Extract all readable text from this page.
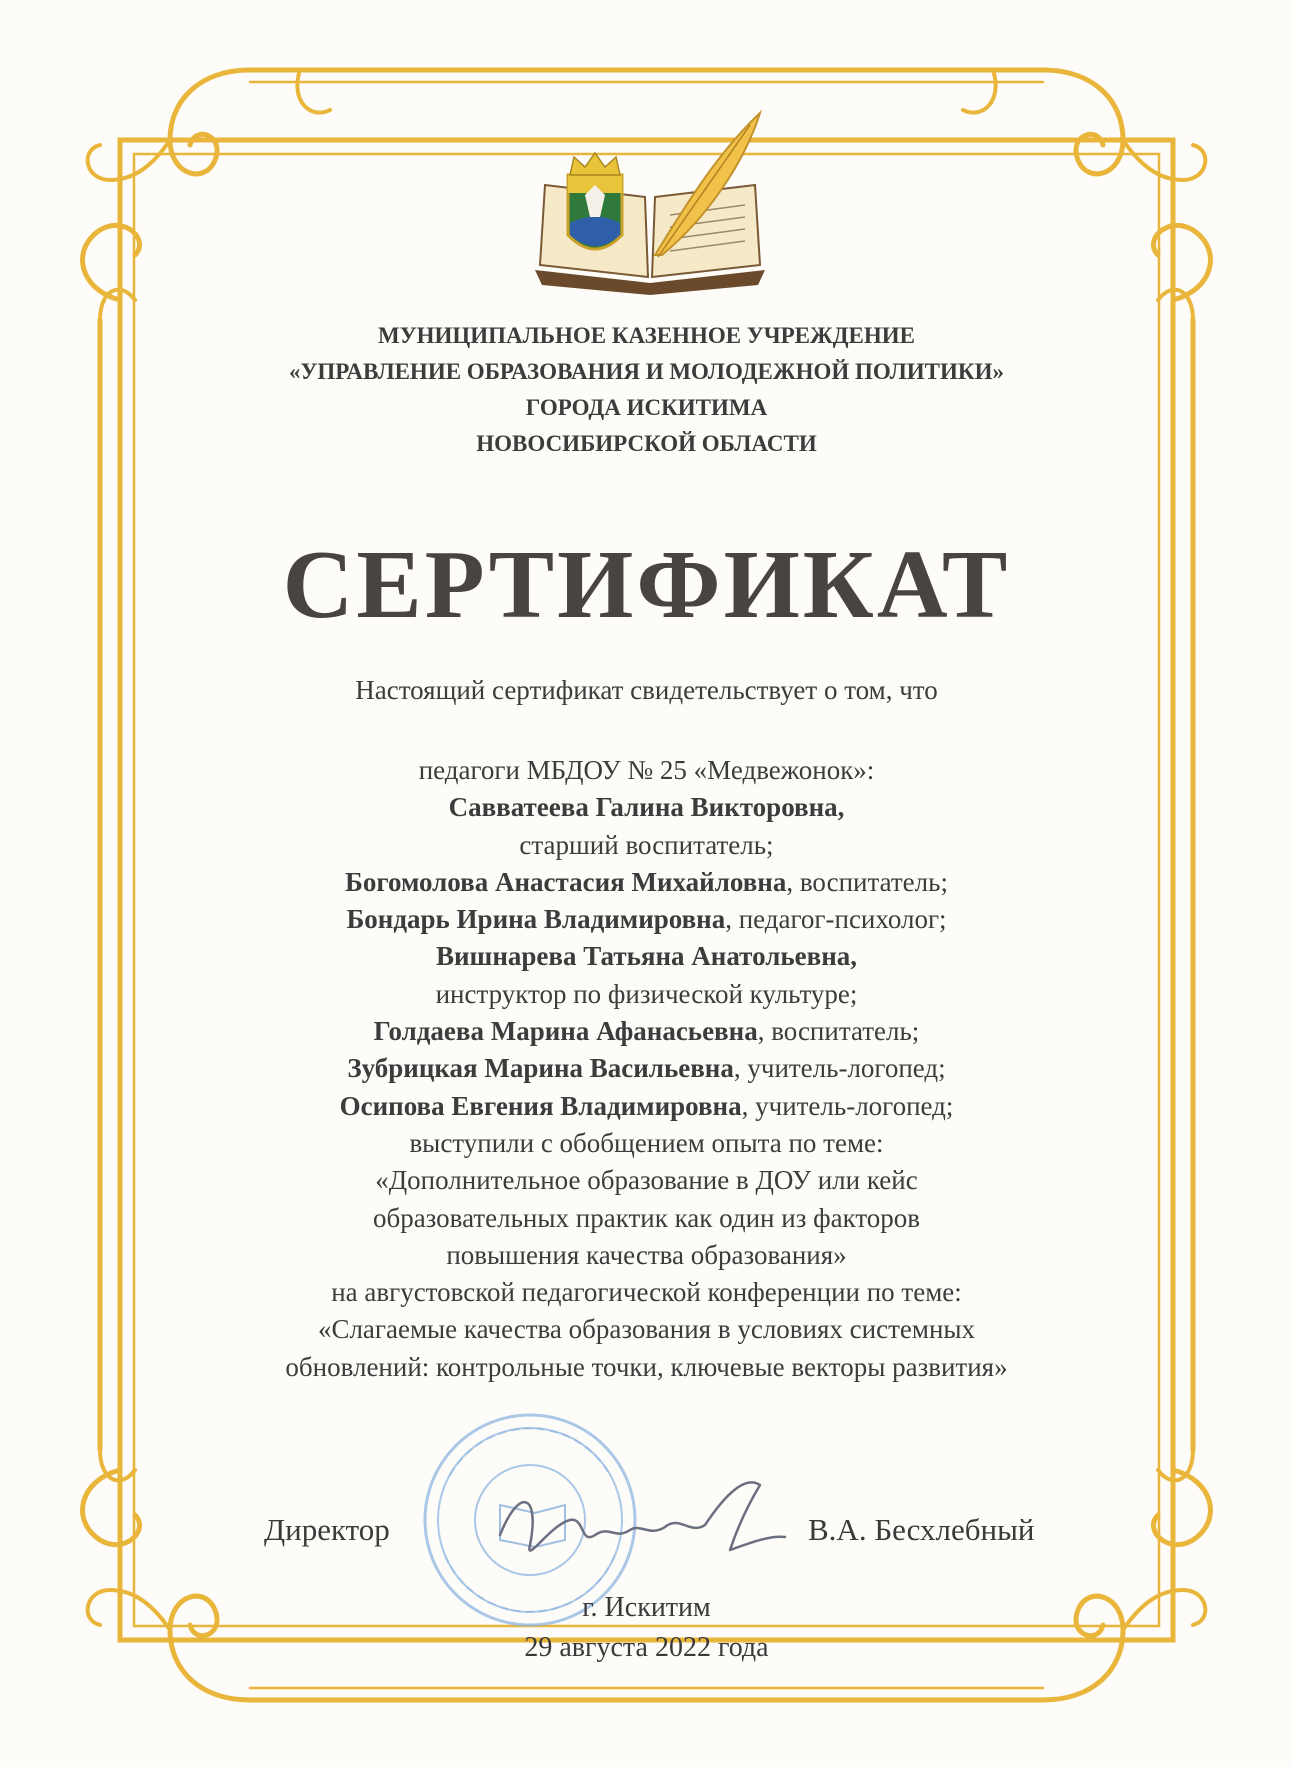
МУНИЦИПАЛЬНОЕ КАЗЕННОЕ УЧРЕЖДЕНИЕ
«УПРАВЛЕНИЕ ОБРАЗОВАНИЯ И МОЛОДЕЖНОЙ ПОЛИТИКИ»
ГОРОДА ИСКИТИМА
НОВОСИБИРСКОЙ ОБЛАСТИ
СЕРТИФИКАТ
Настоящий сертификат свидетельствует о том, что
педагоги МБДОУ № 25 «Медвежонок»:
Савватеева Галина Викторовна,
старший воспитатель;
Богомолова Анастасия Михайловна, воспитатель;
Бондарь Ирина Владимировна, педагог-психолог;
Вишнарева Татьяна Анатольевна,
инструктор по физической культуре;
Голдаева Марина Афанасьевна, воспитатель;
Зубрицкая Марина Васильевна, учитель-логопед;
Осипова Евгения Владимировна, учитель-логопед;
выступили с обобщением опыта по теме:
«Дополнительное образование в ДОУ или кейс
образовательных практик как один из факторов
повышения качества образования»
на августовской педагогической конференции по теме:
«Слагаемые качества образования в условиях системных
обновлений: контрольные точки, ключевые векторы развития»
Директор	В.А. Бесхлебный
г. Искитим
29 августа 2022 года
